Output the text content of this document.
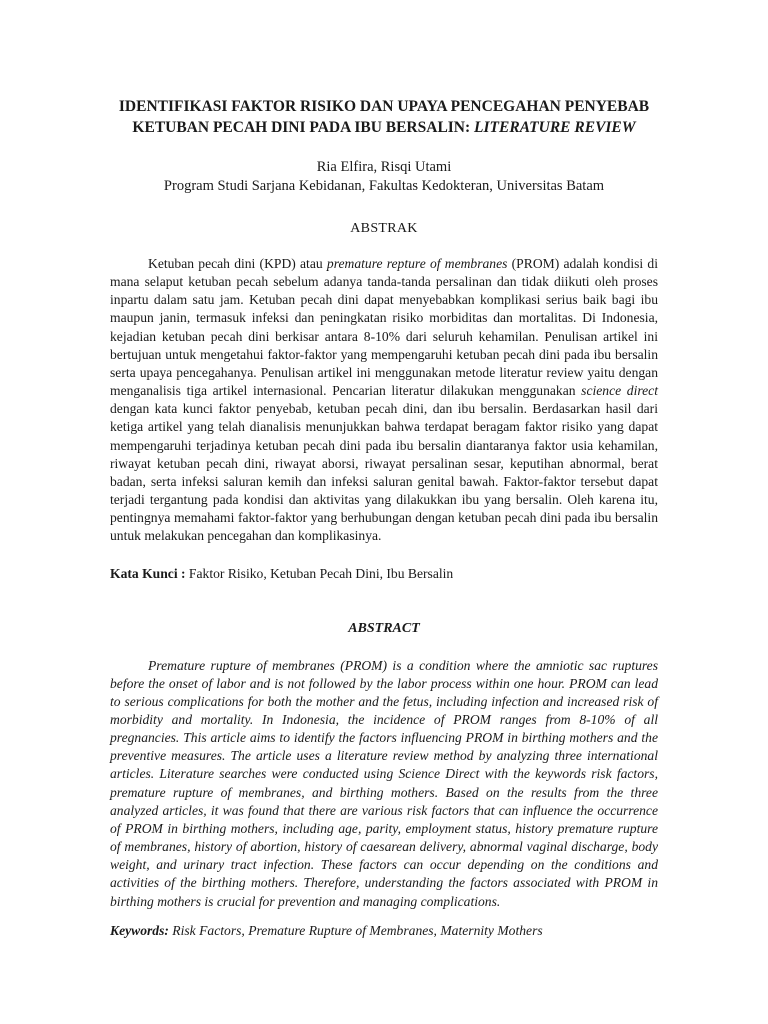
IDENTIFIKASI FAKTOR RISIKO DAN UPAYA PENCEGAHAN PENYEBAB
KETUBAN PECAH DINI PADA IBU BERSALIN: LITERATURE REVIEW
Ria Elfira, Risqi Utami
Program Studi Sarjana Kebidanan, Fakultas Kedokteran, Universitas Batam
ABSTRAK

Ketuban pecah dini (KPD) atau premature repture of membranes (PROM) adalah kondisi di mana selaput ketuban pecah sebelum adanya tanda-tanda persalinan dan tidak diikuti oleh proses inpartu dalam satu jam. Ketuban pecah dini dapat menyebabkan komplikasi serius baik bagi ibu maupun janin, termasuk infeksi dan peningkatan risiko morbiditas dan mortalitas. Di Indonesia, kejadian ketuban pecah dini berkisar antara 8-10% dari seluruh kehamilan. Penulisan artikel ini bertujuan untuk mengetahui faktor-faktor yang mempengaruhi ketuban pecah dini pada ibu bersalin serta upaya pencegahanya. Penulisan artikel ini menggunakan metode literatur review yaitu dengan menganalisis tiga artikel internasional. Pencarian literatur dilakukan menggunakan science direct dengan kata kunci faktor penyebab, ketuban pecah dini, dan ibu bersalin. Berdasarkan hasil dari ketiga artikel yang telah dianalisis menunjukkan bahwa terdapat beragam faktor risiko yang dapat mempengaruhi terjadinya ketuban pecah dini pada ibu bersalin diantaranya faktor usia kehamilan, riwayat ketuban pecah dini, riwayat aborsi, riwayat persalinan sesar, keputihan abnormal, berat badan, serta infeksi saluran kemih dan infeksi saluran genital bawah. Faktor-faktor tersebut dapat terjadi tergantung pada kondisi dan aktivitas yang dilakukkan ibu yang bersalin. Oleh karena itu, pentingnya memahami faktor-faktor yang berhubungan dengan ketuban pecah dini pada ibu bersalin untuk melakukan pencegahan dan komplikasinya.

Kata Kunci : Faktor Risiko, Ketuban Pecah Dini, Ibu Bersalin
ABSTRACT

Premature rupture of membranes (PROM) is a condition where the amniotic sac ruptures before the onset of labor and is not followed by the labor process within one hour. PROM can lead to serious complications for both the mother and the fetus, including infection and increased risk of morbidity and mortality. In Indonesia, the incidence of PROM ranges from 8-10% of all pregnancies. This article aims to identify the factors influencing PROM in birthing mothers and the preventive measures. The article uses a literature review method by analyzing three international articles. Literature searches were conducted using Science Direct with the keywords risk factors, premature rupture of membranes, and birthing mothers. Based on the results from the three analyzed articles, it was found that there are various risk factors that can influence the occurrence of PROM in birthing mothers, including age, parity, employment status, history premature rupture of membranes, history of abortion, history of caesarean delivery, abnormal vaginal discharge, body weight, and urinary tract infection. These factors can occur depending on the conditions and activities of the birthing mothers. Therefore, understanding the factors associated with PROM in birthing mothers is crucial for prevention and managing complications.

Keywords: Risk Factors, Premature Rupture of Membranes, Maternity Mothers
